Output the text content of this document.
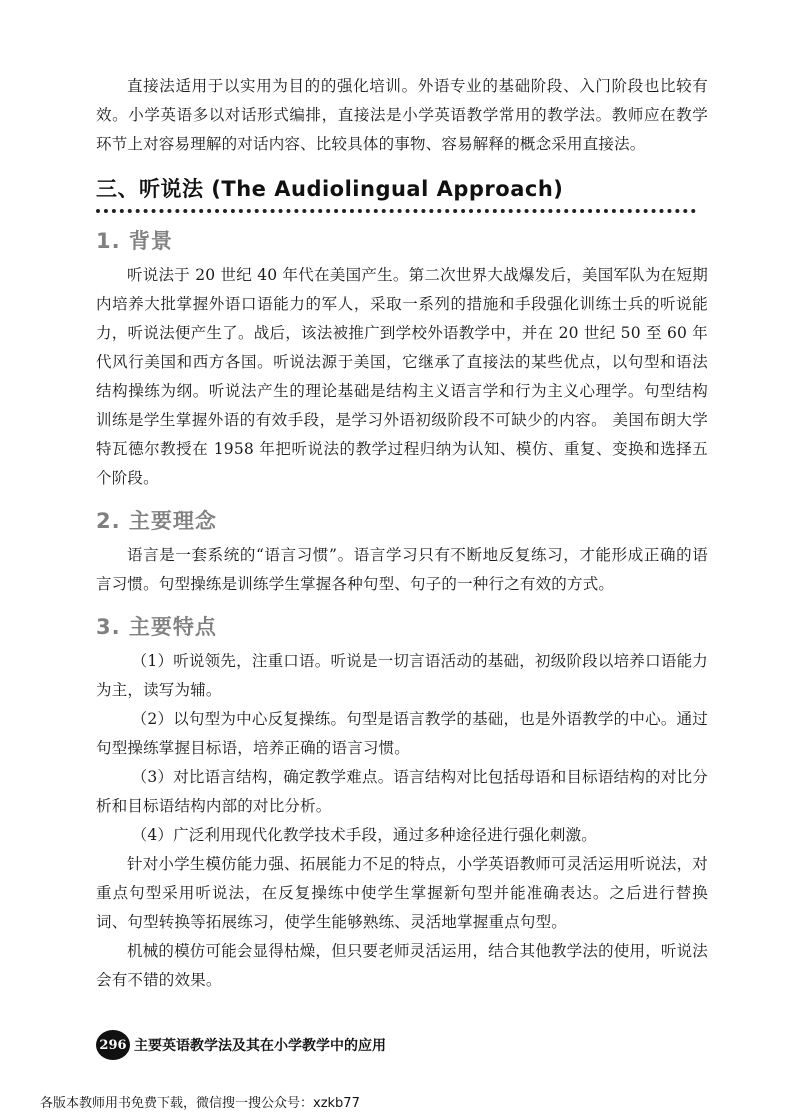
直接法适用于以实用为目的的强化培训。外语专业的基础阶段、入门阶段也比较有效。小学英语多以对话形式编排，直接法是小学英语教学常用的教学法。教师应在教学环节上对容易理解的对话内容、比较具体的事物、容易解释的概念采用直接法。

三、听说法 (The Audiolingual Approach)
1. 背景

听说法于 20 世纪 40 年代在美国产生。第二次世界大战爆发后，美国军队为在短期内培养大批掌握外语口语能力的军人，采取一系列的措施和手段强化训练士兵的听说能力，听说法便产生了。战后，该法被推广到学校外语教学中，并在 20 世纪 50 至 60 年代风行美国和西方各国。听说法源于美国，它继承了直接法的某些优点，以句型和语法结构操练为纲。听说法产生的理论基础是结构主义语言学和行为主义心理学。句型结构训练是学生掌握外语的有效手段，是学习外语初级阶段不可缺少的内容。 美国布朗大学特瓦德尔教授在 1958 年把听说法的教学过程归纳为认知、模仿、重复、变换和选择五个阶段。

2. 主要理念

语言是一套系统的“语言习惯”。语言学习只有不断地反复练习，才能形成正确的语言习惯。句型操练是训练学生掌握各种句型、句子的一种行之有效的方式。

3. 主要特点

（1）听说领先，注重口语。听说是一切言语活动的基础，初级阶段以培养口语能力为主，读写为辅。

（2）以句型为中心反复操练。句型是语言教学的基础，也是外语教学的中心。通过句型操练掌握目标语，培养正确的语言习惯。

（3）对比语言结构，确定教学难点。语言结构对比包括母语和目标语结构的对比分析和目标语结构内部的对比分析。

（4）广泛利用现代化教学技术手段，通过多种途径进行强化刺激。

针对小学生模仿能力强、拓展能力不足的特点，小学英语教师可灵活运用听说法，对重点句型采用听说法，在反复操练中使学生掌握新句型并能准确表达。之后进行替换词、句型转换等拓展练习，使学生能够熟练、灵活地掌握重点句型。

机械的模仿可能会显得枯燥，但只要老师灵活运用，结合其他教学法的使用，听说法会有不错的效果。

296 主要英语教学法及其在小学教学中的应用
各版本教师用书免费下载，微信搜一搜公众号：xzkb77
